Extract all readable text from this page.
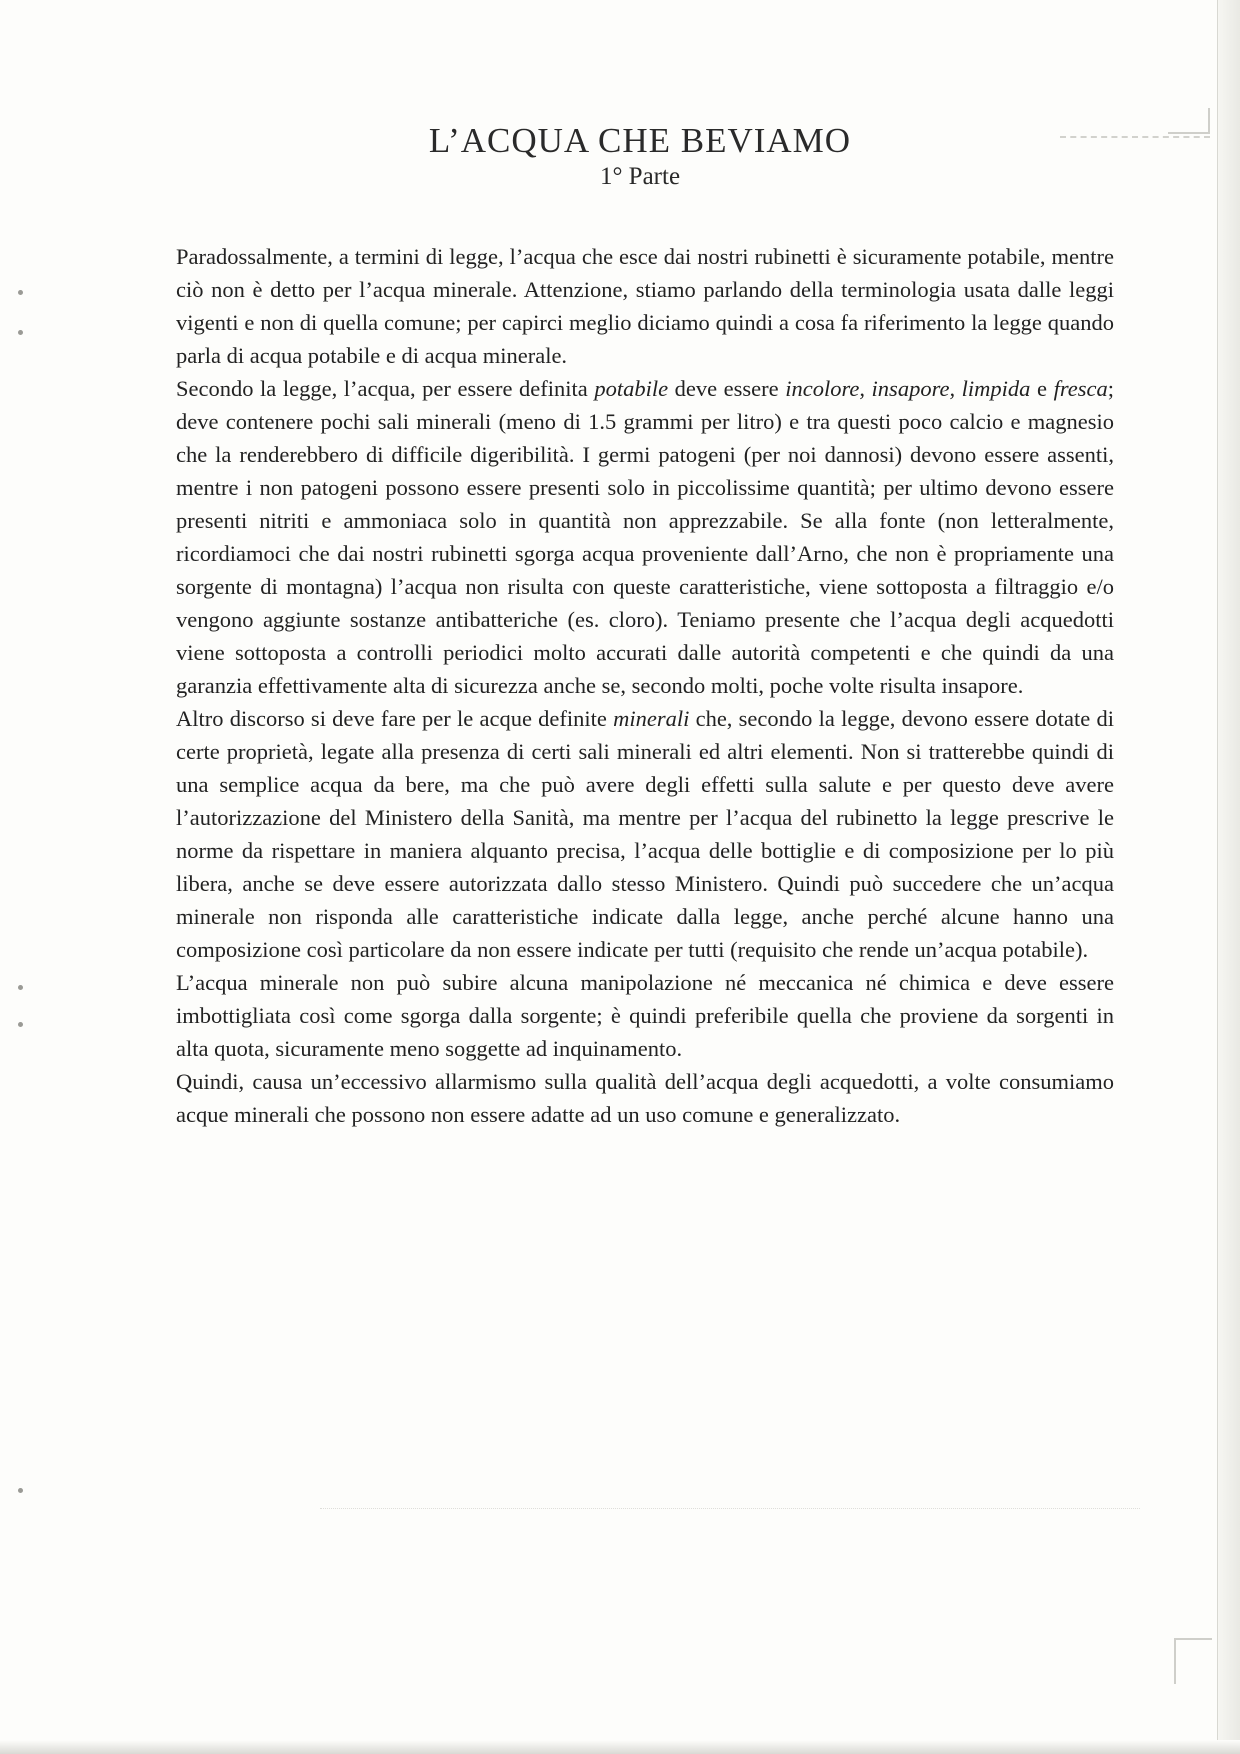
L’ACQUA CHE BEVIAMO
1° Parte

Paradossalmente, a termini di legge, l’acqua che esce dai nostri rubinetti è sicuramente potabile, mentre ciò non è detto per l’acqua minerale. Attenzione, stiamo parlando della terminologia usata dalle leggi vigenti e non di quella comune; per capirci meglio diciamo quindi a cosa fa riferimento la legge quando parla di acqua potabile e di acqua minerale.

Secondo la legge, l’acqua, per essere definita potabile deve essere incolore, insapore, limpida e fresca; deve contenere pochi sali minerali (meno di 1.5 grammi per litro) e tra questi poco calcio e magnesio che la renderebbero di difficile digeribilità. I germi patogeni (per noi dannosi) devono essere assenti, mentre i non patogeni possono essere presenti solo in piccolissime quantità; per ultimo devono essere presenti nitriti e ammoniaca solo in quantità non apprezzabile. Se alla fonte (non letteralmente, ricordiamoci che dai nostri rubinetti sgorga acqua proveniente dall’Arno, che non è propriamente una sorgente di montagna) l’acqua non risulta con queste caratteristiche, viene sottoposta a filtraggio e/o vengono aggiunte sostanze antibatteriche (es. cloro). Teniamo presente che l’acqua degli acquedotti viene sottoposta a controlli periodici molto accurati dalle autorità competenti e che quindi da una garanzia effettivamente alta di sicurezza anche se, secondo molti, poche volte risulta insapore.

Altro discorso si deve fare per le acque definite minerali che, secondo la legge, devono essere dotate di certe proprietà, legate alla presenza di certi sali minerali ed altri elementi. Non si tratterebbe quindi di una semplice acqua da bere, ma che può avere degli effetti sulla salute e per questo deve avere l’autorizzazione del Ministero della Sanità, ma mentre per l’acqua del rubinetto la legge prescrive le norme da rispettare in maniera alquanto precisa, l’acqua delle bottiglie e di composizione per lo più libera, anche se deve essere autorizzata dallo stesso Ministero. Quindi può succedere che un’acqua minerale non risponda alle caratteristiche indicate dalla legge, anche perché alcune hanno una composizione così particolare da non essere indicate per tutti (requisito che rende un’acqua potabile).

L’acqua minerale non può subire alcuna manipolazione né meccanica né chimica e deve essere imbottigliata così come sgorga dalla sorgente; è quindi preferibile quella che proviene da sorgenti in alta quota, sicuramente meno soggette ad inquinamento.

Quindi, causa un’eccessivo allarmismo sulla qualità dell’acqua degli acquedotti, a volte consumiamo acque minerali che possono non essere adatte ad un uso comune e generalizzato.
